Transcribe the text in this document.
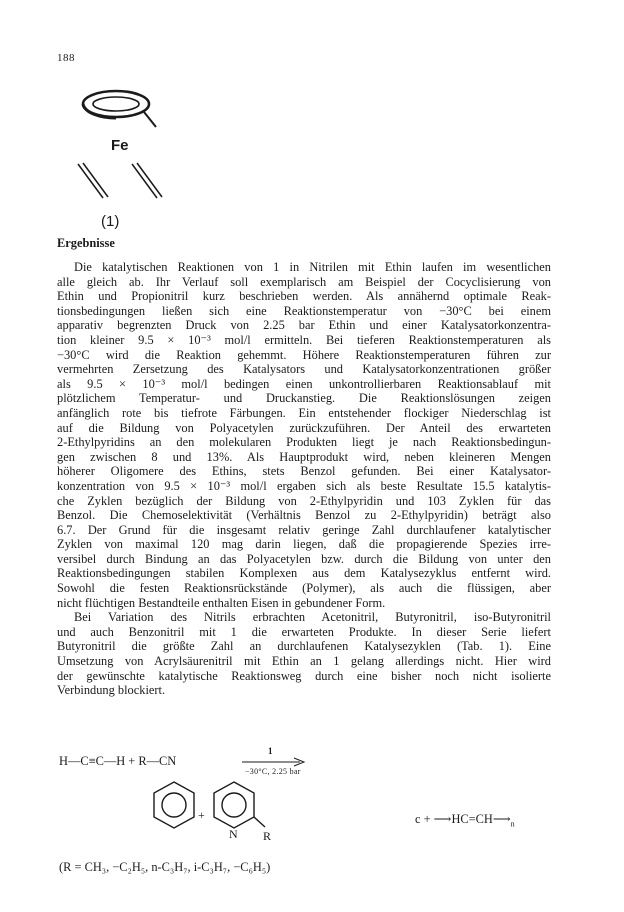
188
Fe
(1)
Ergebnisse
Die katalytischen Reaktionen von 1 in Nitrilen mit Ethin laufen im wesentlichen
alle gleich ab. Ihr Verlauf soll exemplarisch am Beispiel der Cocyclisierung von
Ethin und Propionitril kurz beschrieben werden. Als annähernd optimale Reak-
tionsbedingungen ließen sich eine Reaktionstemperatur von −30°C bei einem
apparativ begrenzten Druck von 2.25 bar Ethin und einer Katalysatorkonzentra-
tion kleiner 9.5 × 10⁻³ mol/l ermitteln. Bei tieferen Reaktionstemperaturen als
−30°C wird die Reaktion gehemmt. Höhere Reaktionstemperaturen führen zur
vermehrten Zersetzung des Katalysators und Katalysatorkonzentrationen größer
als 9.5 × 10⁻³ mol/l bedingen einen unkontrollierbaren Reaktionsablauf mit
plötzlichem Temperatur- und Druckanstieg. Die Reaktionslösungen zeigen
anfänglich rote bis tiefrote Färbungen. Ein entstehender flockiger Niederschlag ist
auf die Bildung von Polyacetylen zurückzuführen. Der Anteil des erwarteten
2-Ethylpyridins an den molekularen Produkten liegt je nach Reaktionsbedingun-
gen zwischen 8 und 13%. Als Hauptprodukt wird, neben kleineren Mengen
höherer Oligomere des Ethins, stets Benzol gefunden. Bei einer Katalysator-
konzentration von 9.5 × 10⁻³ mol/l ergaben sich als beste Resultate 15.5 katalytis-
che Zyklen bezüglich der Bildung von 2-Ethylpyridin und 103 Zyklen für das
Benzol. Die Chemoselektivität (Verhältnis Benzol zu 2-Ethylpyridin) beträgt also
6.7. Der Grund für die insgesamt relativ geringe Zahl durchlaufener katalytischer
Zyklen von maximal 120 mag darin liegen, daß die propagierende Spezies irre-
versibel durch Bindung an das Polyacetylen bzw. durch die Bildung von unter den
Reaktionsbedingungen stabilen Komplexen aus dem Katalysezyklus entfernt wird.
Sowohl die festen Reaktionsrückstände (Polymer), als auch die flüssigen, aber
nicht flüchtigen Bestandteile enthalten Eisen in gebundener Form.
Bei Variation des Nitrils erbrachten Acetonitril, Butyronitril, iso-Butyronitril
und auch Benzonitril mit 1 die erwarteten Produkte. In dieser Serie liefert
Butyronitril die größte Zahl an durchlaufenen Katalysezyklen (Tab. 1). Eine
Umsetzung von Acrylsäurenitril mit Ethin an 1 gelang allerdings nicht. Hier wird
der gewünschte katalytische Reaktionsweg durch eine bisher noch nicht isolierte
Verbindung blockiert.
H—C≡C—H + R—CN
1
−30°C, 2.25 bar
+
N R
$c + ⟶HC=CH⟶_n$
(R = CH₃, −C₂H₅, n-C₃H₇, i-C₃H₇, −C₆H₅)
